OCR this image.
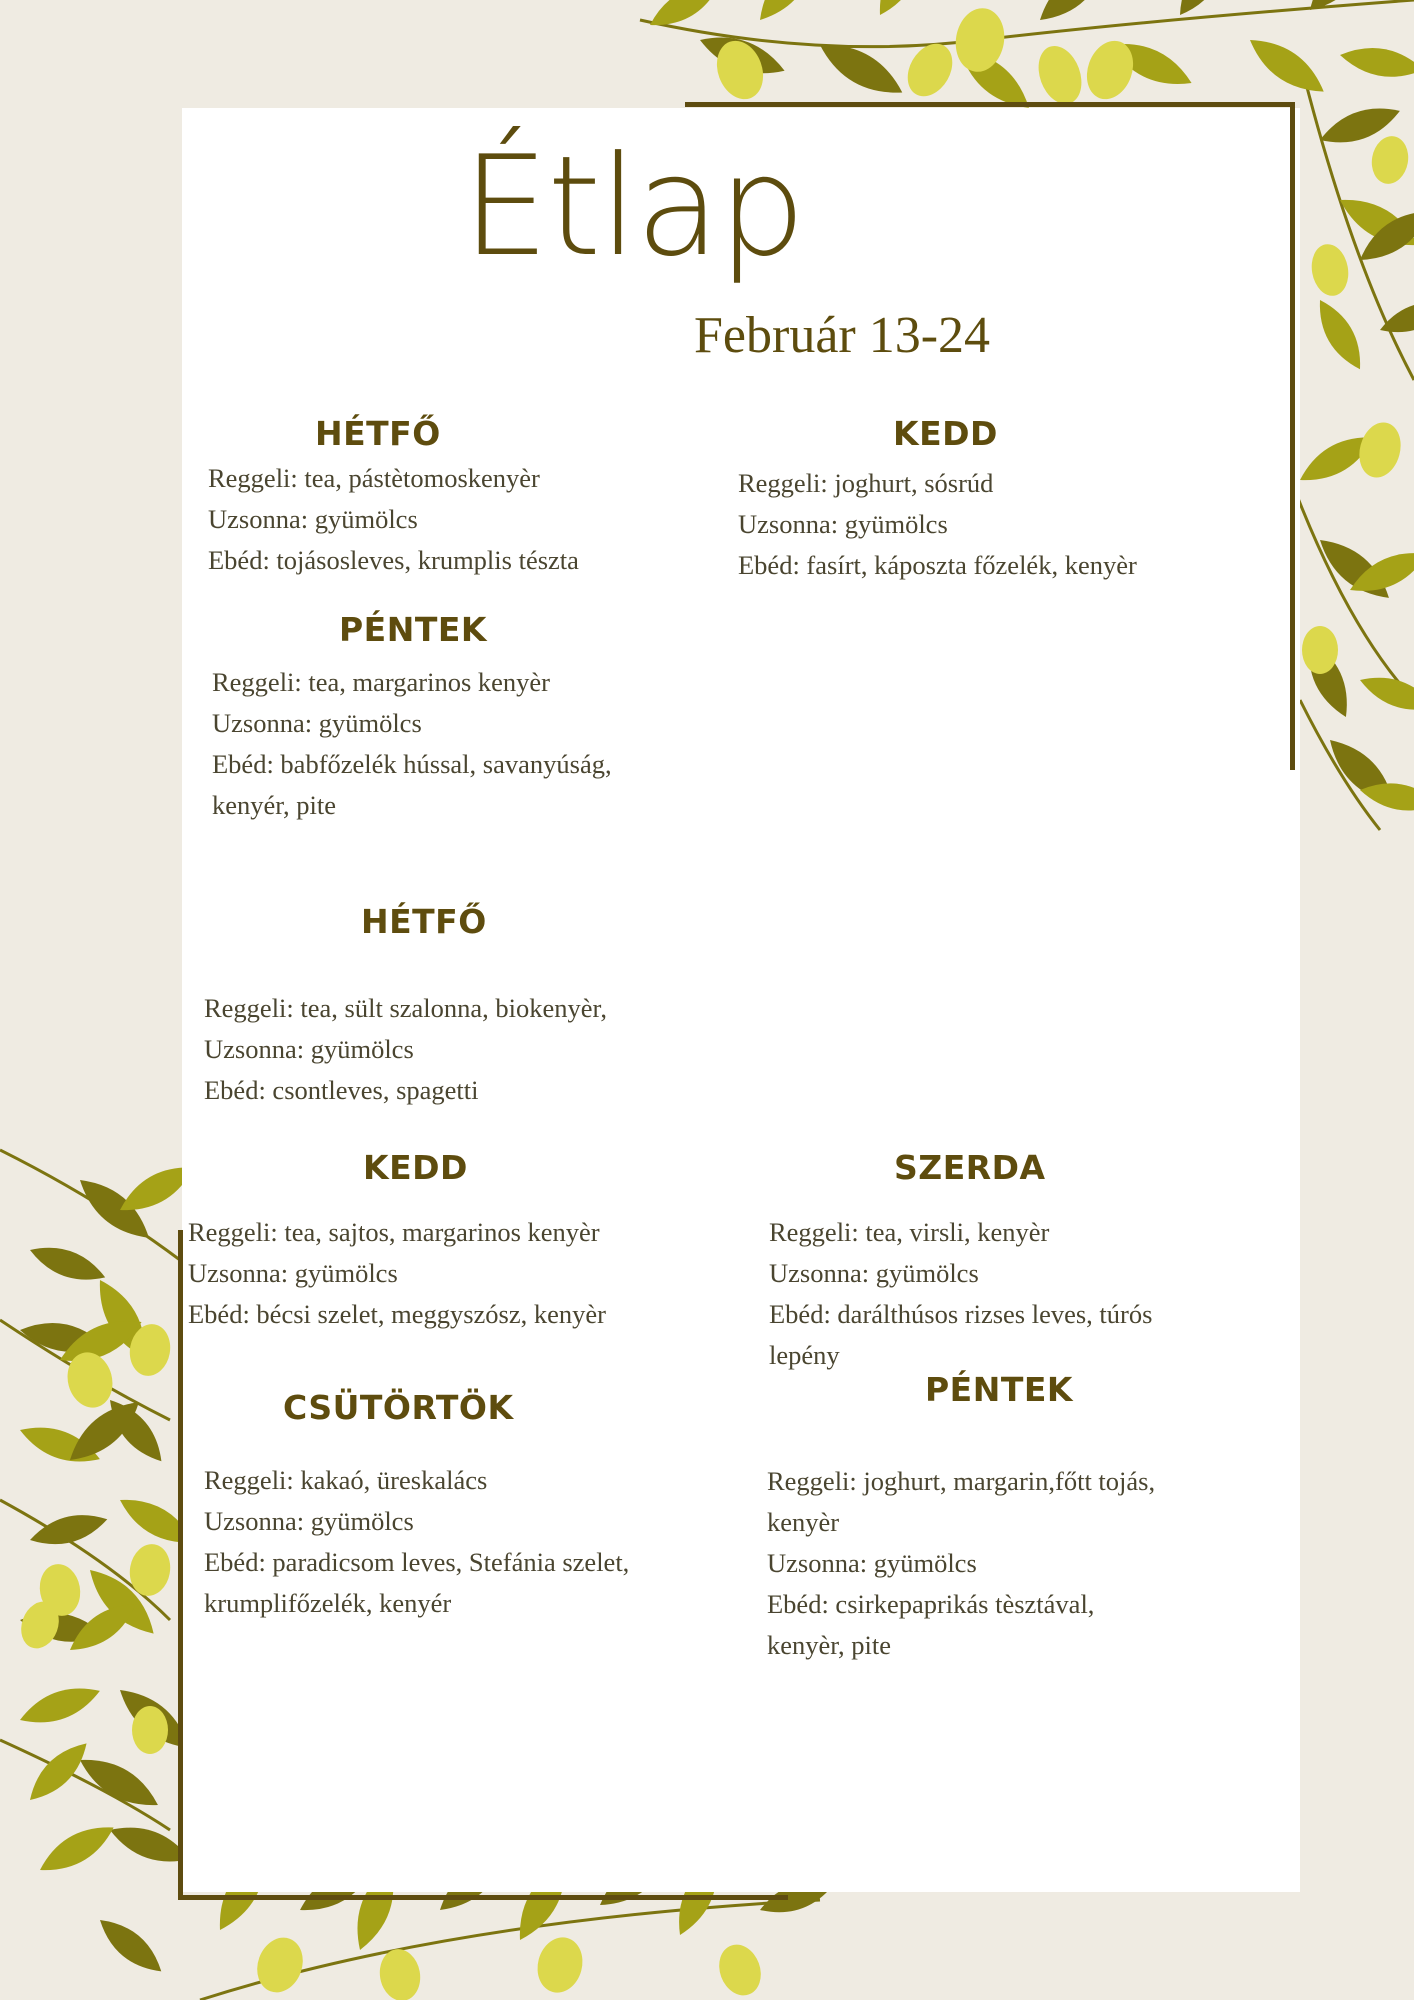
Étlap
Február 13-24
HÉTFŐ
Reggeli: tea, pástètomoskenyèr
Uzsonna: gyümölcs
Ebéd: tojásosleves, krumplis tészta
KEDD
Reggeli: joghurt, sósrúd
Uzsonna: gyümölcs
Ebéd: fasírt, káposzta főzelék, kenyèr
PÉNTEK
Reggeli: tea, margarinos kenyèr
Uzsonna: gyümölcs
Ebéd: babfőzelék hússal, savanyúság,
kenyér, pite
HÉTFŐ
Reggeli: tea, sült szalonna, biokenyèr,
Uzsonna: gyümölcs
Ebéd: csontleves, spagetti
KEDD
Reggeli: tea, sajtos, margarinos kenyèr
Uzsonna: gyümölcs
Ebéd: bécsi szelet, meggyszósz, kenyèr
SZERDA
Reggeli: tea, virsli, kenyèr
Uzsonna: gyümölcs
Ebéd: darálthúsos rizses leves, túrós
lepény
CSÜTÖRTÖK
Reggeli: kakaó, üreskalács
Uzsonna: gyümölcs
Ebéd: paradicsom leves, Stefánia szelet,
krumplifőzelék, kenyér
PÉNTEK
Reggeli: joghurt, margarin,főtt tojás,
kenyèr
Uzsonna: gyümölcs
Ebéd: csirkepaprikás tèsztával,
kenyèr, pite
